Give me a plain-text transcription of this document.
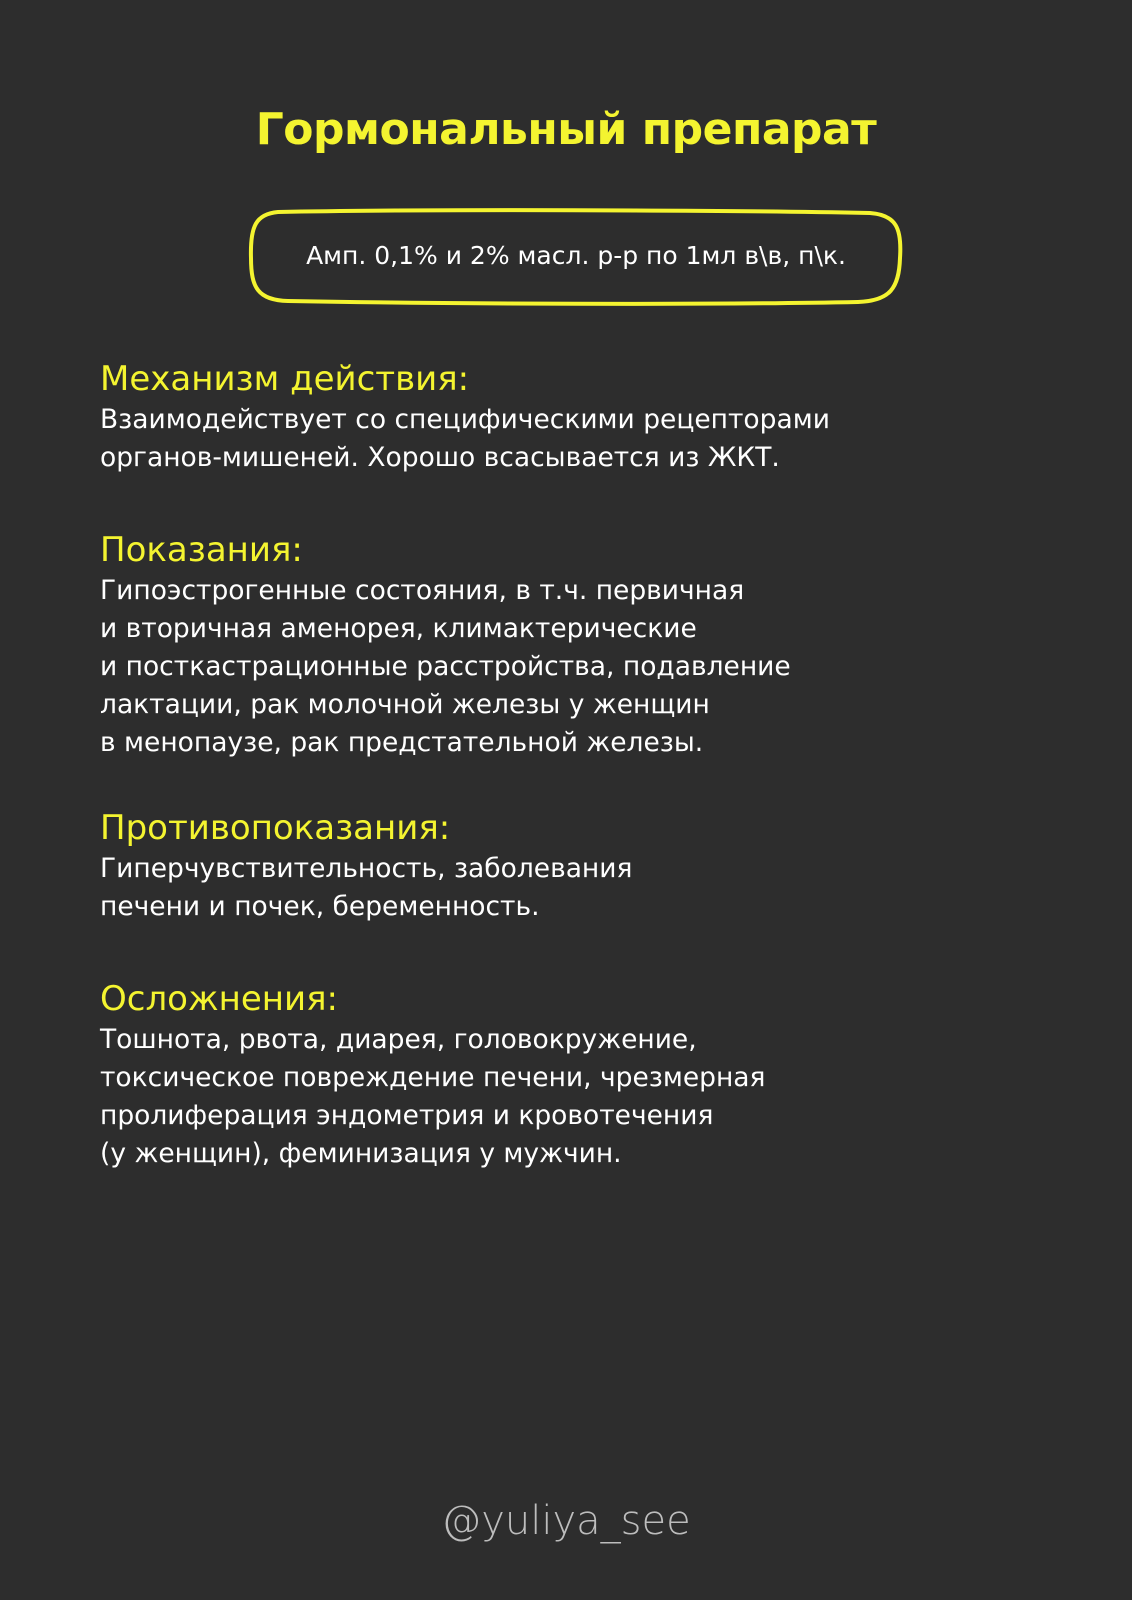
Гормональный препарат
Амп. 0,1% и 2% масл. р-р по 1мл в\в, п\к.
Механизм действия:
Взаимодействует со специфическими рецепторами
органов-мишеней. Хорошо всасывается из ЖКТ.
Показания:
Гипоэстрогенные состояния, в т.ч. первичная
и вторичная аменорея, климактерические
и посткастрационные расстройства, подавление
лактации, рак молочной железы у женщин
в менопаузе, рак предстательной железы.
Противопоказания:
Гиперчувствительность, заболевания
печени и почек, беременность.
Осложнения:
Тошнота, рвота, диарея, головокружение,
токсическое повреждение печени, чрезмерная
пролиферация эндометрия и кровотечения
(у женщин), феминизация у мужчин.
@yuliya_see
